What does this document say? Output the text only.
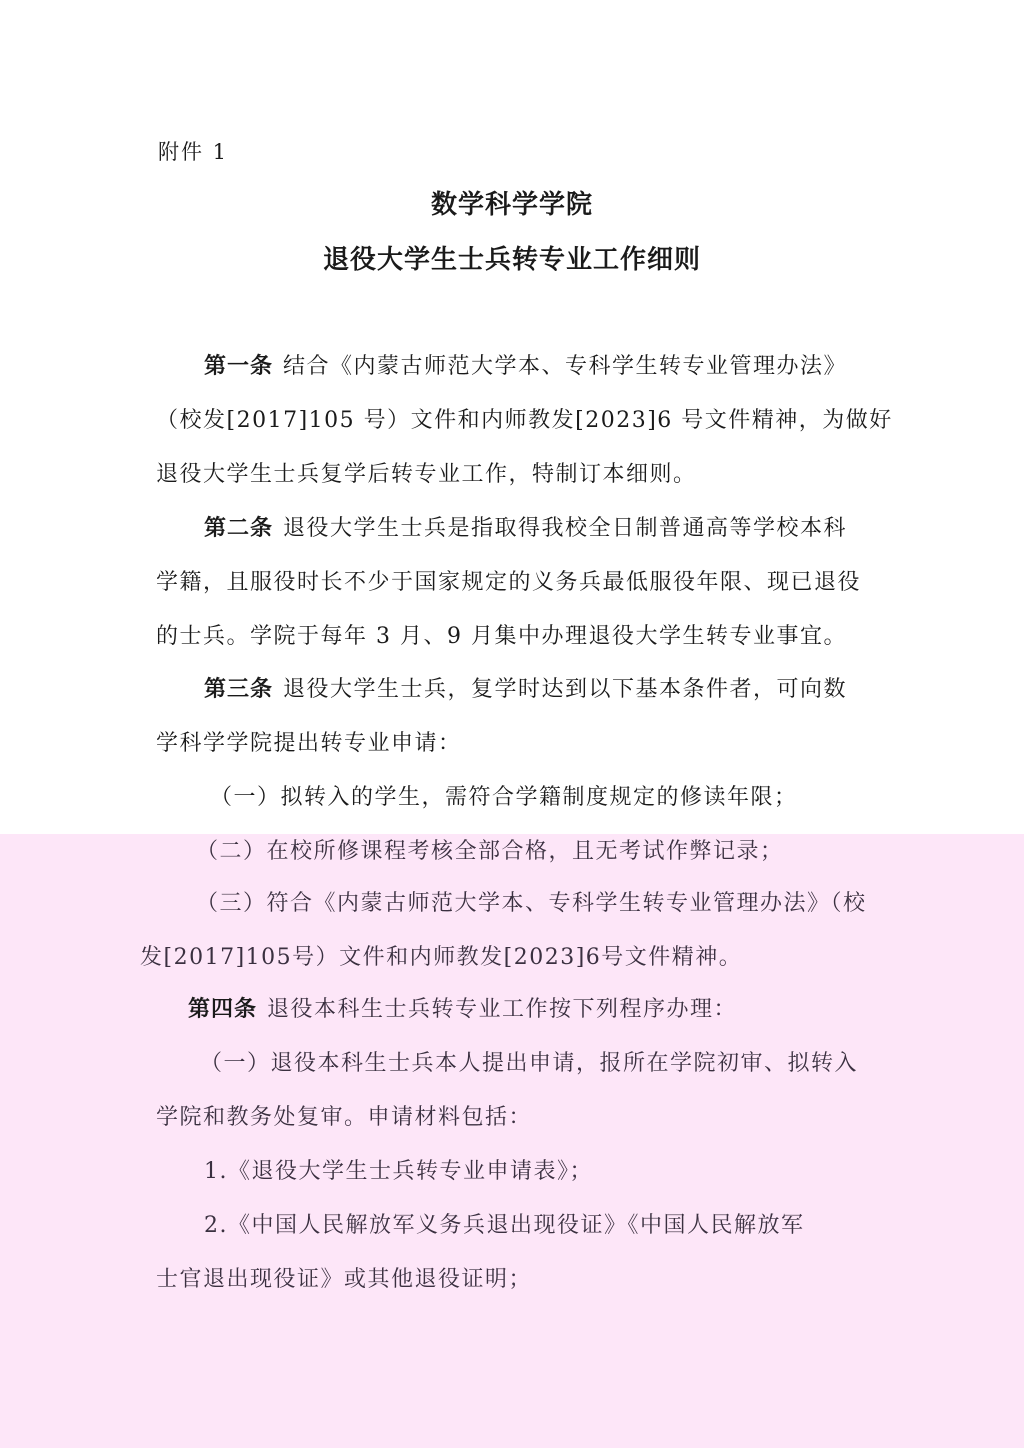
附件 1
数学科学学院
退役大学生士兵转专业工作细则
第一条 结合《内蒙古师范大学本、专科学生转专业管理办法》
（校发[2017]105 号）文件和内师教发[2023]6 号文件精神，为做好
退役大学生士兵复学后转专业工作，特制订本细则。
第二条 退役大学生士兵是指取得我校全日制普通高等学校本科
学籍，且服役时长不少于国家规定的义务兵最低服役年限、现已退役
的士兵。学院于每年 3 月、9 月集中办理退役大学生转专业事宜。
第三条 退役大学生士兵，复学时达到以下基本条件者，可向数
学科学学院提出转专业申请：
（一）拟转入的学生，需符合学籍制度规定的修读年限；
（二）在校所修课程考核全部合格，且无考试作弊记录；
（三）符合《内蒙古师范大学本、专科学生转专业管理办法》（校
发[2017]105号）文件和内师教发[2023]6号文件精神。
第四条 退役本科生士兵转专业工作按下列程序办理：
（一）退役本科生士兵本人提出申请，报所在学院初审、拟转入
学院和教务处复审。申请材料包括：
1.《退役大学生士兵转专业申请表》；
2.《中国人民解放军义务兵退出现役证》《中国人民解放军
士官退出现役证》或其他退役证明；
